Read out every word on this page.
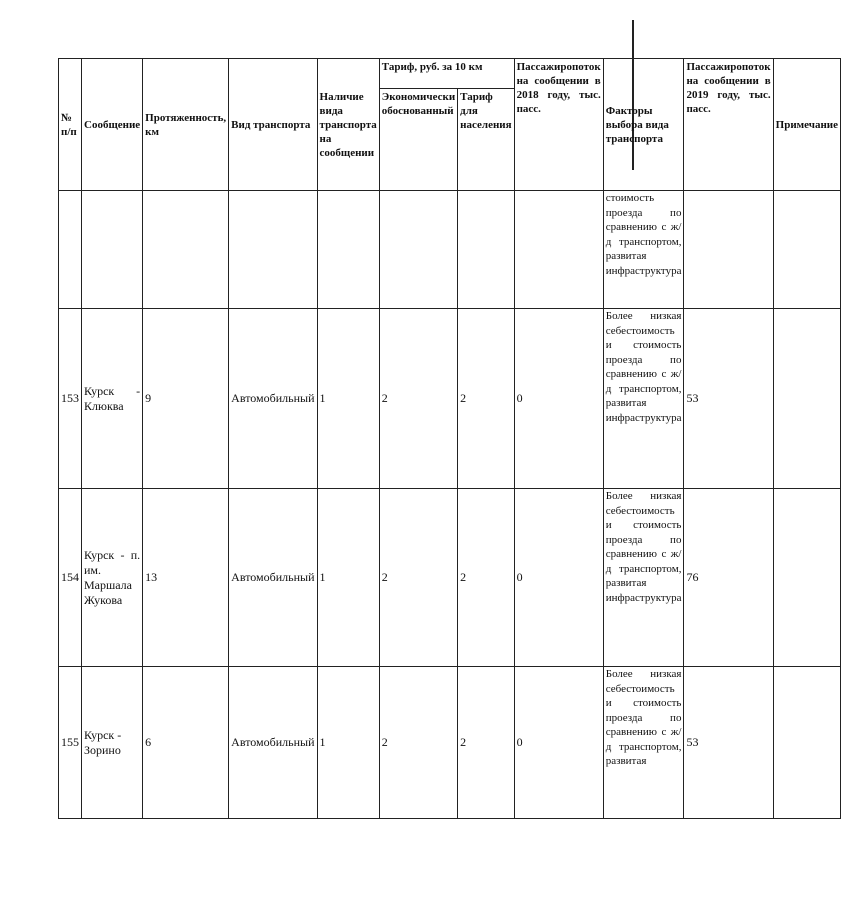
№ п/п	Сообщение	Протяженность, км	Вид транспорта	Наличие вида транспорта на сообщении	Тариф, руб. за 10 км		Пассажиропоток на сообщении в 2018 году, тыс. пасс.	Факторы выбора вида транспорта	Пассажиропоток на сообщении в 2019 году, тыс. пасс.	Примечание
					Экономически обоснованный	Тариф для населения				
								стоимость проезда по сравнению с ж/д транспортом, развитая инфраструктура		
153	Курск - Клюква	9	Автомобильный	1	2	2	0	Более низкая себестоимость и стоимость проезда по сравнению с ж/д транспортом, развитая инфраструктура	53	
154	Курск - п. им. Маршала Жукова	13	Автомобильный	1	2	2	0	Более низкая себестоимость и стоимость проезда по сравнению с ж/д транспортом, развитая инфраструктура	76	
155	Курск - Зорино	6	Автомобильный	1	2	2	0	Более низкая себестоимость и стоимость проезда по сравнению с ж/д транспортом, развитая	53	
